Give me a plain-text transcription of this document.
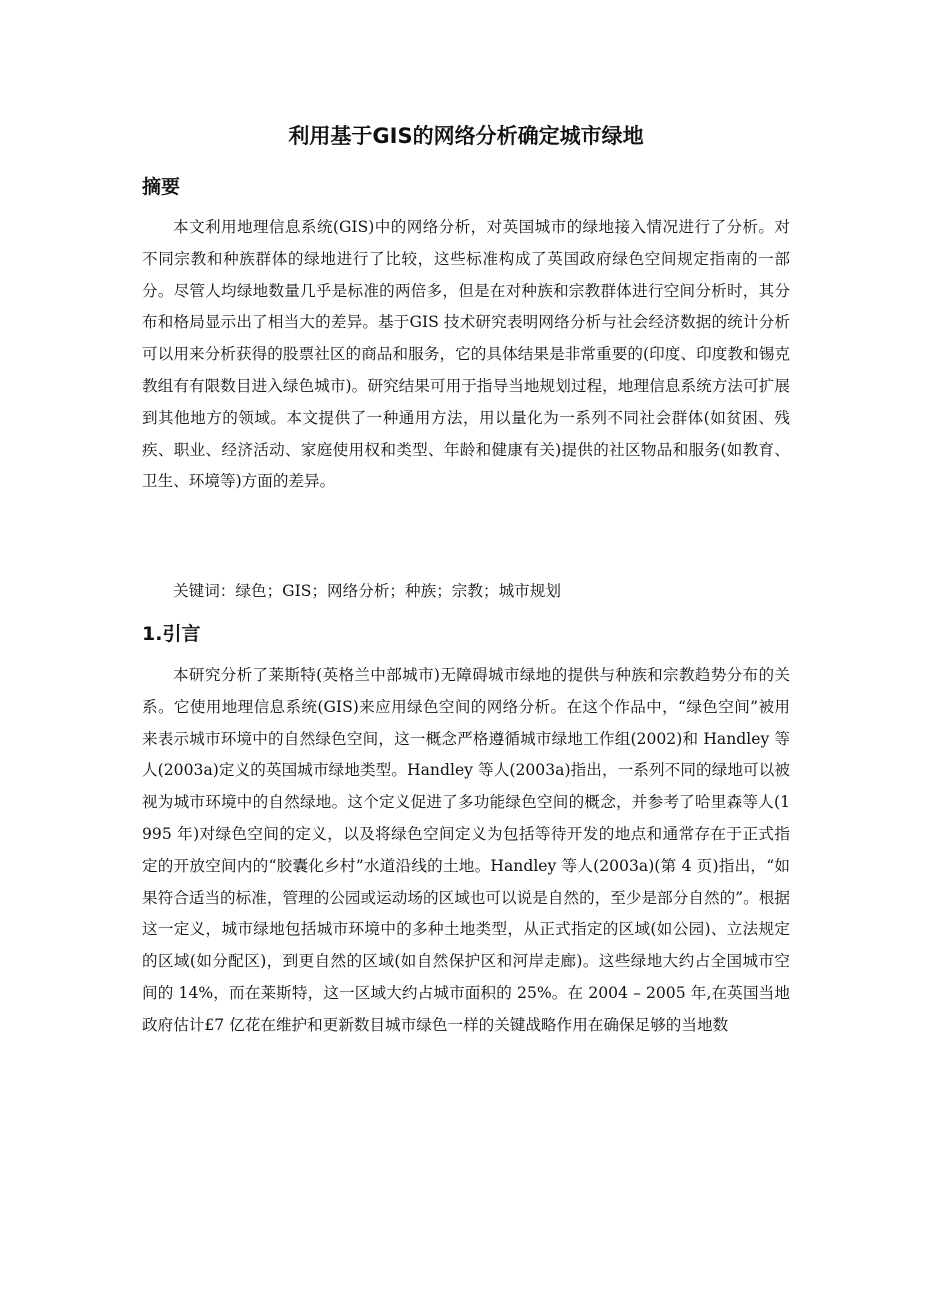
利用基于GIS的网络分析确定城市绿地
摘要

本文利用地理信息系统(GIS)中的网络分析，对英国城市的绿地接入情况进行了分析。对不同宗教和种族群体的绿地进行了比较，这些标准构成了英国政府绿色空间规定指南的一部分。尽管人均绿地数量几乎是标准的两倍多，但是在对种族和宗教群体进行空间分析时，其分布和格局显示出了相当大的差异。基于GIS 技术研究表明网络分析与社会经济数据的统计分析可以用来分析获得的股票社区的商品和服务，它的具体结果是非常重要的(印度、印度教和锡克教组有有限数目进入绿色城市)。研究结果可用于指导当地规划过程，地理信息系统方法可扩展到其他地方的领域。本文提供了一种通用方法，用以量化为一系列不同社会群体(如贫困、残疾、职业、经济活动、家庭使用权和类型、年龄和健康有关)提供的社区物品和服务(如教育、卫生、环境等)方面的差异。

关键词：绿色；GIS；网络分析；种族；宗教；城市规划

1.引言

本研究分析了莱斯特(英格兰中部城市)无障碍城市绿地的提供与种族和宗教趋势分布的关系。它使用地理信息系统(GIS)来应用绿色空间的网络分析。在这个作品中，“绿色空间”被用来表示城市环境中的自然绿色空间，这一概念严格遵循城市绿地工作组(2002)和 Handley 等人(2003a)定义的英国城市绿地类型。Handley 等人(2003a)指出，一系列不同的绿地可以被视为城市环境中的自然绿地。这个定义促进了多功能绿色空间的概念，并参考了哈里森等人(1995 年)对绿色空间的定义，以及将绿色空间定义为包括等待开发的地点和通常存在于正式指定的开放空间内的“胶囊化乡村”水道沿线的土地。Handley 等人(2003a)(第 4 页)指出，“如果符合适当的标准，管理的公园或运动场的区域也可以说是自然的，至少是部分自然的”。根据这一定义，城市绿地包括城市环境中的多种土地类型，从正式指定的区域(如公园)、立法规定的区域(如分配区)，到更自然的区域(如自然保护区和河岸走廊)。这些绿地大约占全国城市空间的 14%，而在莱斯特，这一区域大约占城市面积的 25%。在 2004 – 2005 年,在英国当地政府估计£7 亿花在维护和更新数目城市绿色一样的关键战略作用在确保足够的当地数
